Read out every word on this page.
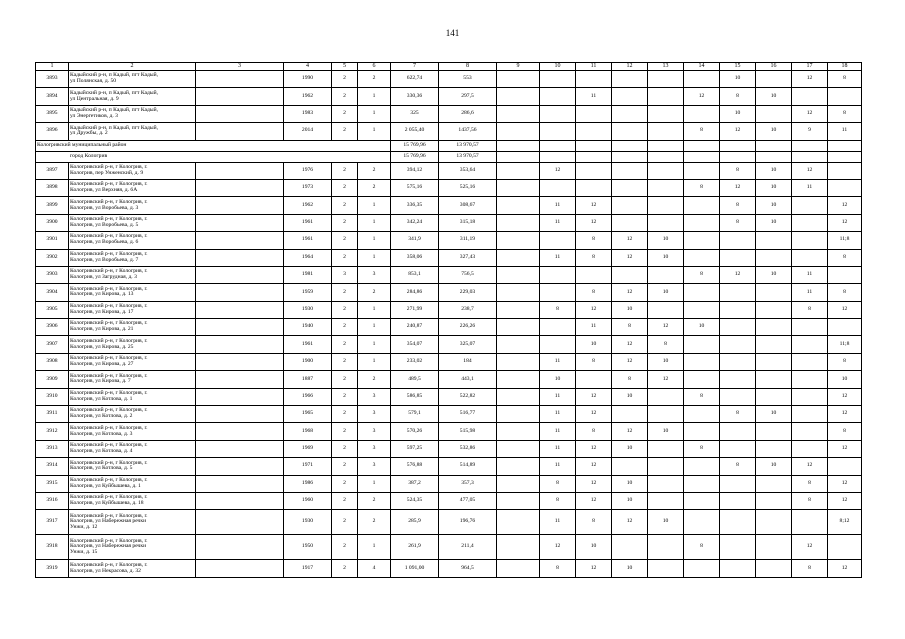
141
1	2	3	4	5	6	7	8	9	10	11	12	13	14	15	16	17	18
3893	Кадыйский р-н, п Кадый, пгт Кадый,
ул Полянская, д. 50		1990	2	2	622,74	553							10		12	8
3894	Кадыйский р-н, п Кадый, пгт Кадый,
ул Центральная, д. 9		1962	2	1	330,36	297,5			11			12	8	10		
3895	Кадыйский р-н, п Кадый, пгт Кадый,
ул Энергетиков, д. 3		1983	2	1	325	286,6							10		12	8
3896	Кадыйский р-н, п Кадый, пгт Кадый,
ул Дружбы, д. 2		2014	2	1	2 055,40	1437,56						8	12	10	9	11
Кологривский муниципальный район						15 769,96	13 970,57										
город Кологрив						15 769,96	13 970,57										
3897	Кологривский р-н, г Кологрив, г.
Кологрив, пер Унженский, д. 9		1976	2	2	394,12	353,64		12					8	10	12	
3898	Кологривский р-н, г Кологрив, г.
Кологрив, ул Верхняя, д. 6А		1973	2	2	575,16	525,16						8	12	10	11	
3899	Кологривский р-н, г Кологрив, г.
Кологрив, ул Воробьева, д. 3		1962	2	1	336,35	308,67		11	12				8	10		12
3900	Кологривский р-н, г Кологрив, г.
Кологрив, ул Воробьева, д. 5		1961	2	1	342,24	315,18		11	12				8	10		12
3901	Кологривский р-н, г Кологрив, г.
Кологрив, ул Воробьева, д. 6		1961	2	1	341,9	311,19			8	12	10					11;8
3902	Кологривский р-н, г Кологрив, г.
Кологрив, ул Воробьева, д. 7		1964	2	1	358,06	327,43		11	8	12	10					8
3903	Кологривский р-н, г Кологрив, г.
Кологрив, ул Загрудная, д. 3		1981	3	3	853,1	756,5						8	12	10	11	
3904	Кологривский р-н, г Кологрив, г.
Кологрив, ул Кирова, д. 13		1959	2	2	284,86	229,03			8	12	10				11	8
3905	Кологривский р-н, г Кологрив, г.
Кологрив, ул Кирова, д. 17		1930	2	1	271,99	238,7		8	12	10					8	12
3906	Кологривский р-н, г Кологрив, г.
Кологрив, ул Кирова, д. 21		1940	2	1	240,87	226,26			11	8	12	10				
3907	Кологривский р-н, г Кологрив, г.
Кологрив, ул Кирова, д. 25		1961	2	1	354,07	325,07			10	12	8					11;8
3908	Кологривский р-н, г Кологрив, г.
Кологрив, ул Кирова, д. 27		1900	2	1	233,02	184		11	8	12	10					8
3909	Кологривский р-н, г Кологрив, г.
Кологрив, ул Кирова, д. 7		1887	2	2	489,5	443,1		10		8	12					10
3910	Кологривский р-н, г Кологрив, г.
Кологрив, ул Котлова, д. 1		1966	2	3	586,85	522,82		11	12	10		8				12
3911	Кологривский р-н, г Кологрив, г.
Кологрив, ул Котлова, д. 2		1965	2	3	579,1	516,77		11	12				8	10		12
3912	Кологривский р-н, г Кологрив, г.
Кологрив, ул Котлова, д. 3		1968	2	3	570,26	515,98		11	8	12	10					8
3913	Кологривский р-н, г Кологрив, г.
Кологрив, ул Котлова, д. 4		1969	2	3	597,25	532,86		11	12	10		8				12
3914	Кологривский р-н, г Кологрив, г.
Кологрив, ул Котлова, д. 5		1971	2	3	576,88	514,89		11	12				8	10	12	
3915	Кологривский р-н, г Кологрив, г.
Кологрив, ул Куйбышева, д. 1		1986	2	1	387,2	357,3		8	12	10					8	12
3916	Кологривский р-н, г Кологрив, г.
Кологрив, ул Куйбышева, д. 18		1960	2	2	524,35	477,05		8	12	10					8	12
3917	Кологривский р-н, г Кологрив, г.
Кологрив, ул Набережная речки
Унжи, д. 12		1930	2	2	285,9	196,76		11	8	12	10					8;12
3918	Кологривский р-н, г Кологрив, г.
Кологрив, ул Набережная речки
Унжи, д. 15		1950	2	1	261,9	211,4		12	10			8			12	
3919	Кологривский р-н, г Кологрив, г.
Кологрив, ул Некрасова, д. 32		1917	2	4	1 091,00	964,5		8	12	10					8	12
